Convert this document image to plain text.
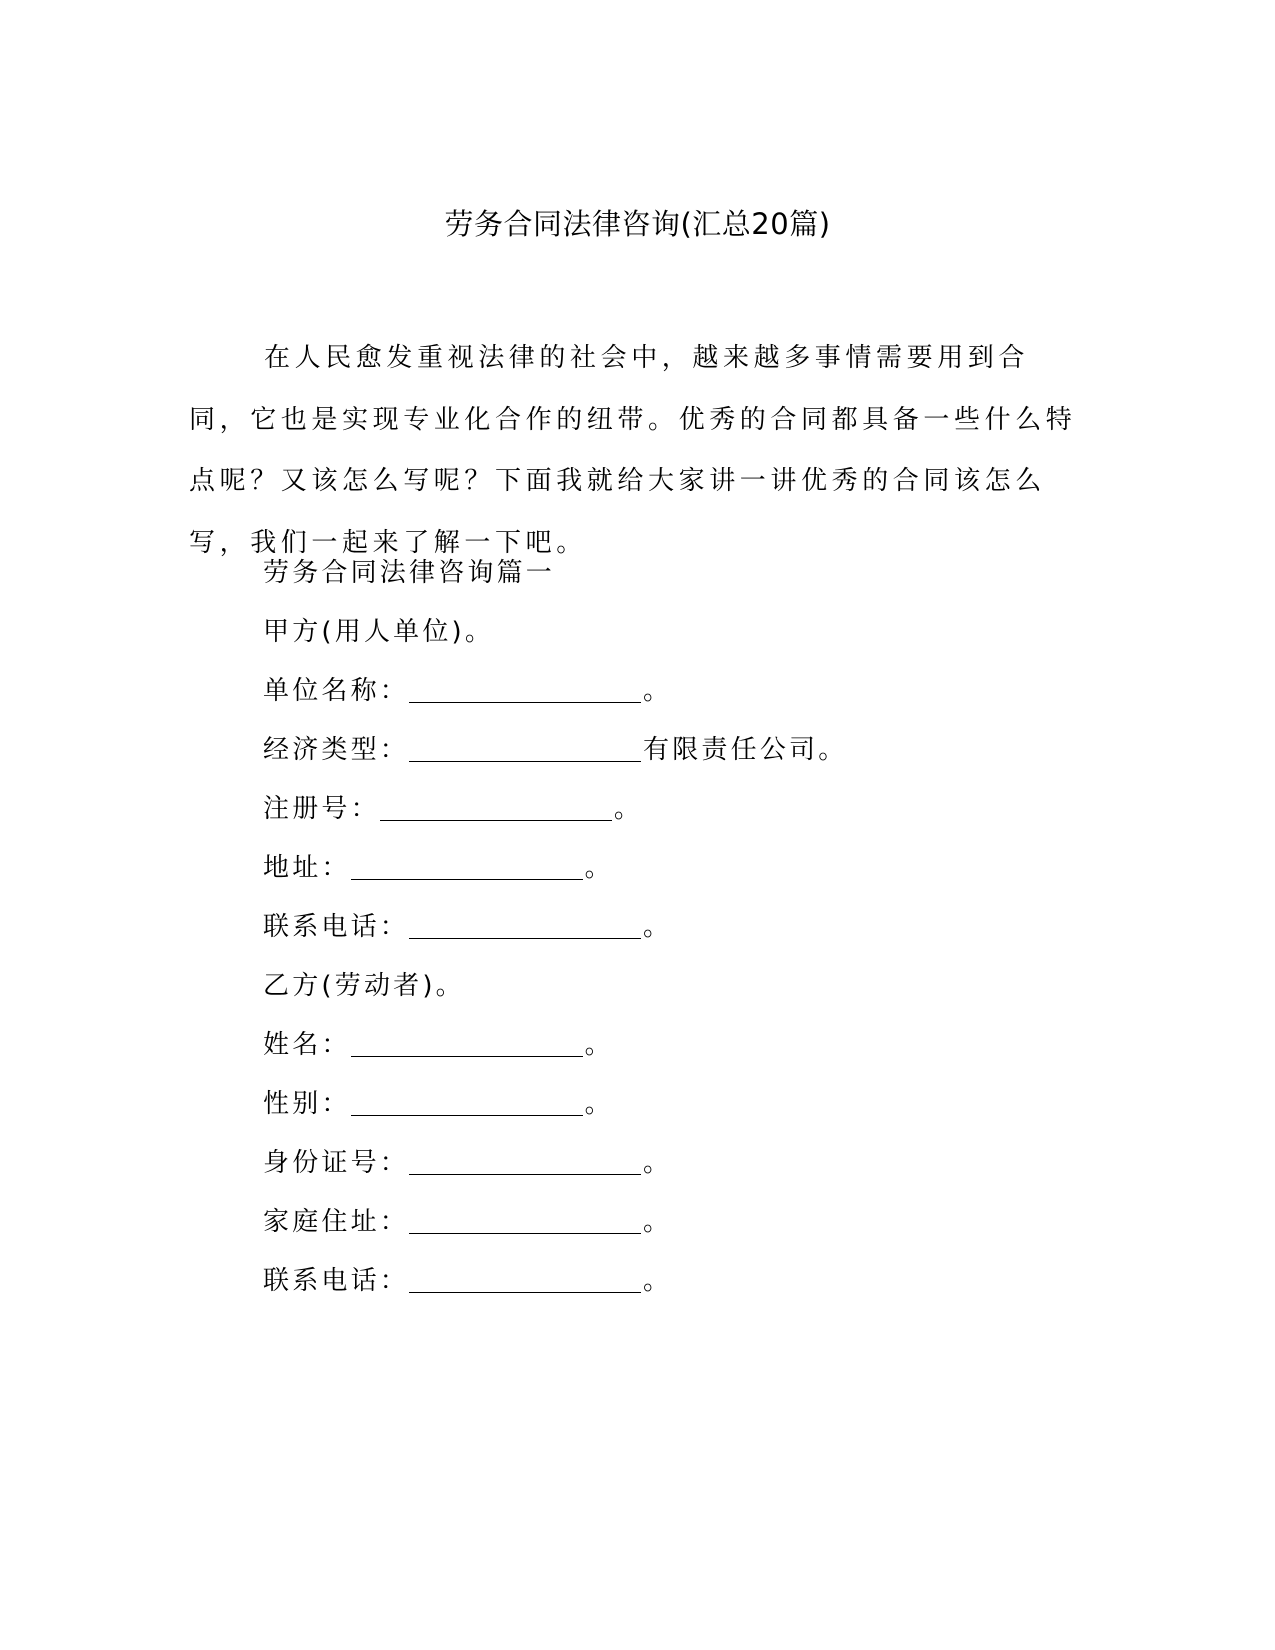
劳务合同法律咨询(汇总20篇)

在人民愈发重视法律的社会中，越来越多事情需要用到合同，它也是实现专业化合作的纽带。优秀的合同都具备一些什么特点呢？又该怎么写呢？下面我就给大家讲一讲优秀的合同该怎么写，我们一起来了解一下吧。

劳务合同法律咨询篇一
甲方(用人单位)。
单位名称：	。
经济类型：	有限责任公司。
注册号：	。
地址：	。
联系电话：	。
乙方(劳动者)。
姓名：	。
性别：	。
身份证号：	。
家庭住址：	。
联系电话：	。
